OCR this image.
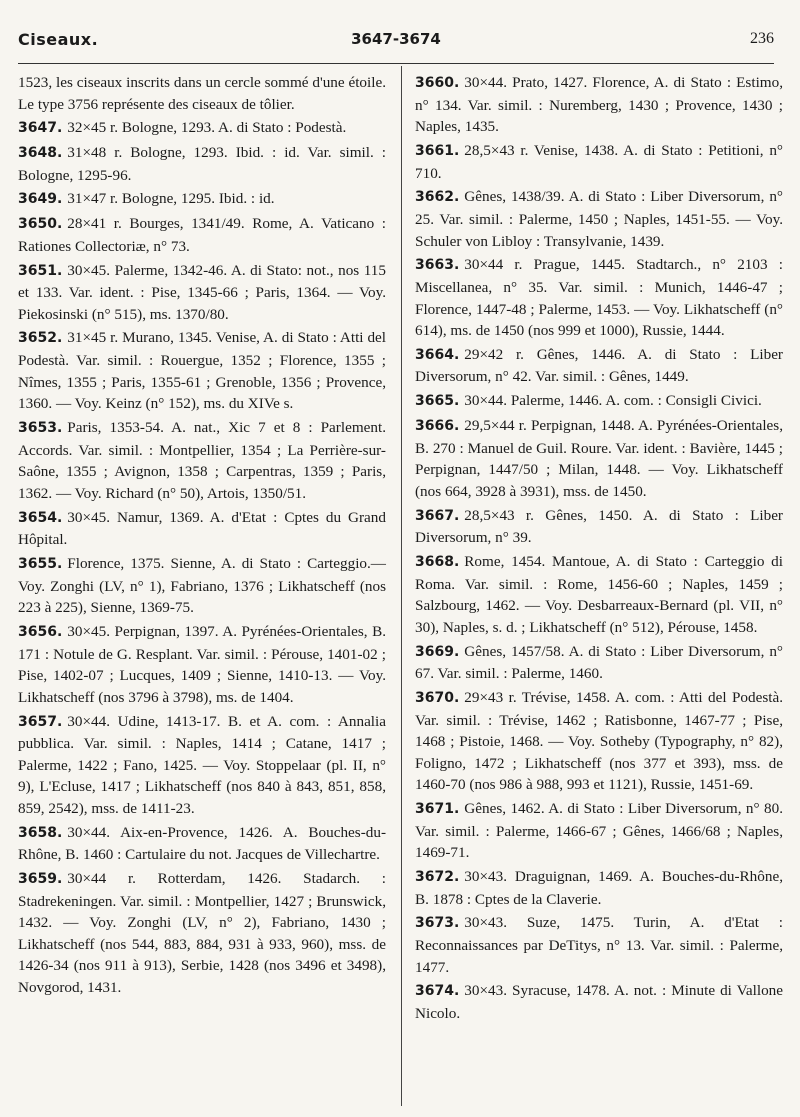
Ciseaux.	3647-3674	236

1523, les ciseaux inscrits dans un cercle sommé d'une étoile. Le type 3756 représente des ciseaux de tôlier.

3647. 32×45 r. Bologne, 1293. A. di Stato : Podestà.

3648. 31×48 r. Bologne, 1293. Ibid. : id. Var. simil. : Bologne, 1295-96.

3649. 31×47 r. Bologne, 1295. Ibid. : id.

3650. 28×41 r. Bourges, 1341/49. Rome, A. Vaticano : Rationes Collectoriæ, n° 73.

3651. 30×45. Palerme, 1342-46. A. di Stato: not., nos 115 et 133. Var. ident. : Pise, 1345-66 ; Paris, 1364. — Voy. Piekosinski (n° 515), ms. 1370/80.

3652. 31×45 r. Murano, 1345. Venise, A. di Stato : Atti del Podestà. Var. simil. : Rouergue, 1352 ; Florence, 1355 ; Nîmes, 1355 ; Paris, 1355-61 ; Grenoble, 1356 ; Provence, 1360. — Voy. Keinz (n° 152), ms. du XIVe s.

3653. Paris, 1353-54. A. nat., Xic 7 et 8 : Parlement. Accords. Var. simil. : Montpellier, 1354 ; La Perrière-sur-Saône, 1355 ; Avignon, 1358 ; Carpentras, 1359 ; Paris, 1362. — Voy. Richard (n° 50), Artois, 1350/51.

3654. 30×45. Namur, 1369. A. d'Etat : Cptes du Grand Hôpital.

3655. Florence, 1375. Sienne, A. di Stato : Carteggio.— Voy. Zonghi (LV, n° 1), Fabriano, 1376 ; Likhatscheff (nos 223 à 225), Sienne, 1369-75.

3656. 30×45. Perpignan, 1397. A. Pyrénées-Orientales, B. 171 : Notule de G. Resplant. Var. simil. : Pérouse, 1401-02 ; Pise, 1402-07 ; Lucques, 1409 ; Sienne, 1410-13. — Voy. Likhatscheff (nos 3796 à 3798), ms. de 1404.

3657. 30×44. Udine, 1413-17. B. et A. com. : Annalia pubblica. Var. simil. : Naples, 1414 ; Catane, 1417 ; Palerme, 1422 ; Fano, 1425. — Voy. Stoppelaar (pl. II, n° 9), L'Ecluse, 1417 ; Likhatscheff (nos 840 à 843, 851, 858, 859, 2542), mss. de 1411-23.

3658. 30×44. Aix-en-Provence, 1426. A. Bouches-du-Rhône, B. 1460 : Cartulaire du not. Jacques de Villechartre.

3659. 30×44 r. Rotterdam, 1426. Stadarch. : Stadrekeningen. Var. simil. : Montpellier, 1427 ; Brunswick, 1432. — Voy. Zonghi (LV, n° 2), Fabriano, 1430 ; Likhatscheff (nos 544, 883, 884, 931 à 933, 960), mss. de 1426-34 (nos 911 à 913), Serbie, 1428 (nos 3496 et 3498), Novgorod, 1431.

3660. 30×44. Prato, 1427. Florence, A. di Stato : Estimo, n° 134. Var. simil. : Nuremberg, 1430 ; Provence, 1430 ; Naples, 1435.

3661. 28,5×43 r. Venise, 1438. A. di Stato : Petitioni, n° 710.

3662. Gênes, 1438/39. A. di Stato : Liber Diversorum, n° 25. Var. simil. : Palerme, 1450 ; Naples, 1451-55. — Voy. Schuler von Libloy : Transylvanie, 1439.

3663. 30×44 r. Prague, 1445. Stadtarch., n° 2103 : Miscellanea, n° 35. Var. simil. : Munich, 1446-47 ; Florence, 1447-48 ; Palerme, 1453. — Voy. Likhatscheff (n° 614), ms. de 1450 (nos 999 et 1000), Russie, 1444.

3664. 29×42 r. Gênes, 1446. A. di Stato : Liber Diversorum, n° 42. Var. simil. : Gênes, 1449.

3665. 30×44. Palerme, 1446. A. com. : Consigli Civici.

3666. 29,5×44 r. Perpignan, 1448. A. Pyrénées-Orientales, B. 270 : Manuel de Guil. Roure. Var. ident. : Bavière, 1445 ; Perpignan, 1447/50 ; Milan, 1448. — Voy. Likhatscheff (nos 664, 3928 à 3931), mss. de 1450.

3667. 28,5×43 r. Gênes, 1450. A. di Stato : Liber Diversorum, n° 39.

3668. Rome, 1454. Mantoue, A. di Stato : Carteggio di Roma. Var. simil. : Rome, 1456-60 ; Naples, 1459 ; Salzbourg, 1462. — Voy. Desbarreaux-Bernard (pl. VII, n° 30), Naples, s. d. ; Likhatscheff (n° 512), Pérouse, 1458.

3669. Gênes, 1457/58. A. di Stato : Liber Diversorum, n° 67. Var. simil. : Palerme, 1460.

3670. 29×43 r. Trévise, 1458. A. com. : Atti del Podestà. Var. simil. : Trévise, 1462 ; Ratisbonne, 1467-77 ; Pise, 1468 ; Pistoie, 1468. — Voy. Sotheby (Typography, n° 82), Foligno, 1472 ; Likhatscheff (nos 377 et 393), mss. de 1460-70 (nos 986 à 988, 993 et 1121), Russie, 1451-69.

3671. Gênes, 1462. A. di Stato : Liber Diversorum, n° 80. Var. simil. : Palerme, 1466-67 ; Gênes, 1466/68 ; Naples, 1469-71.

3672. 30×43. Draguignan, 1469. A. Bouches-du-Rhône, B. 1878 : Cptes de la Claverie.

3673. 30×43. Suze, 1475. Turin, A. d'Etat : Reconnaissances par DeTitys, n° 13. Var. simil. : Palerme, 1477.

3674. 30×43. Syracuse, 1478. A. not. : Minute di Vallone Nicolo.
